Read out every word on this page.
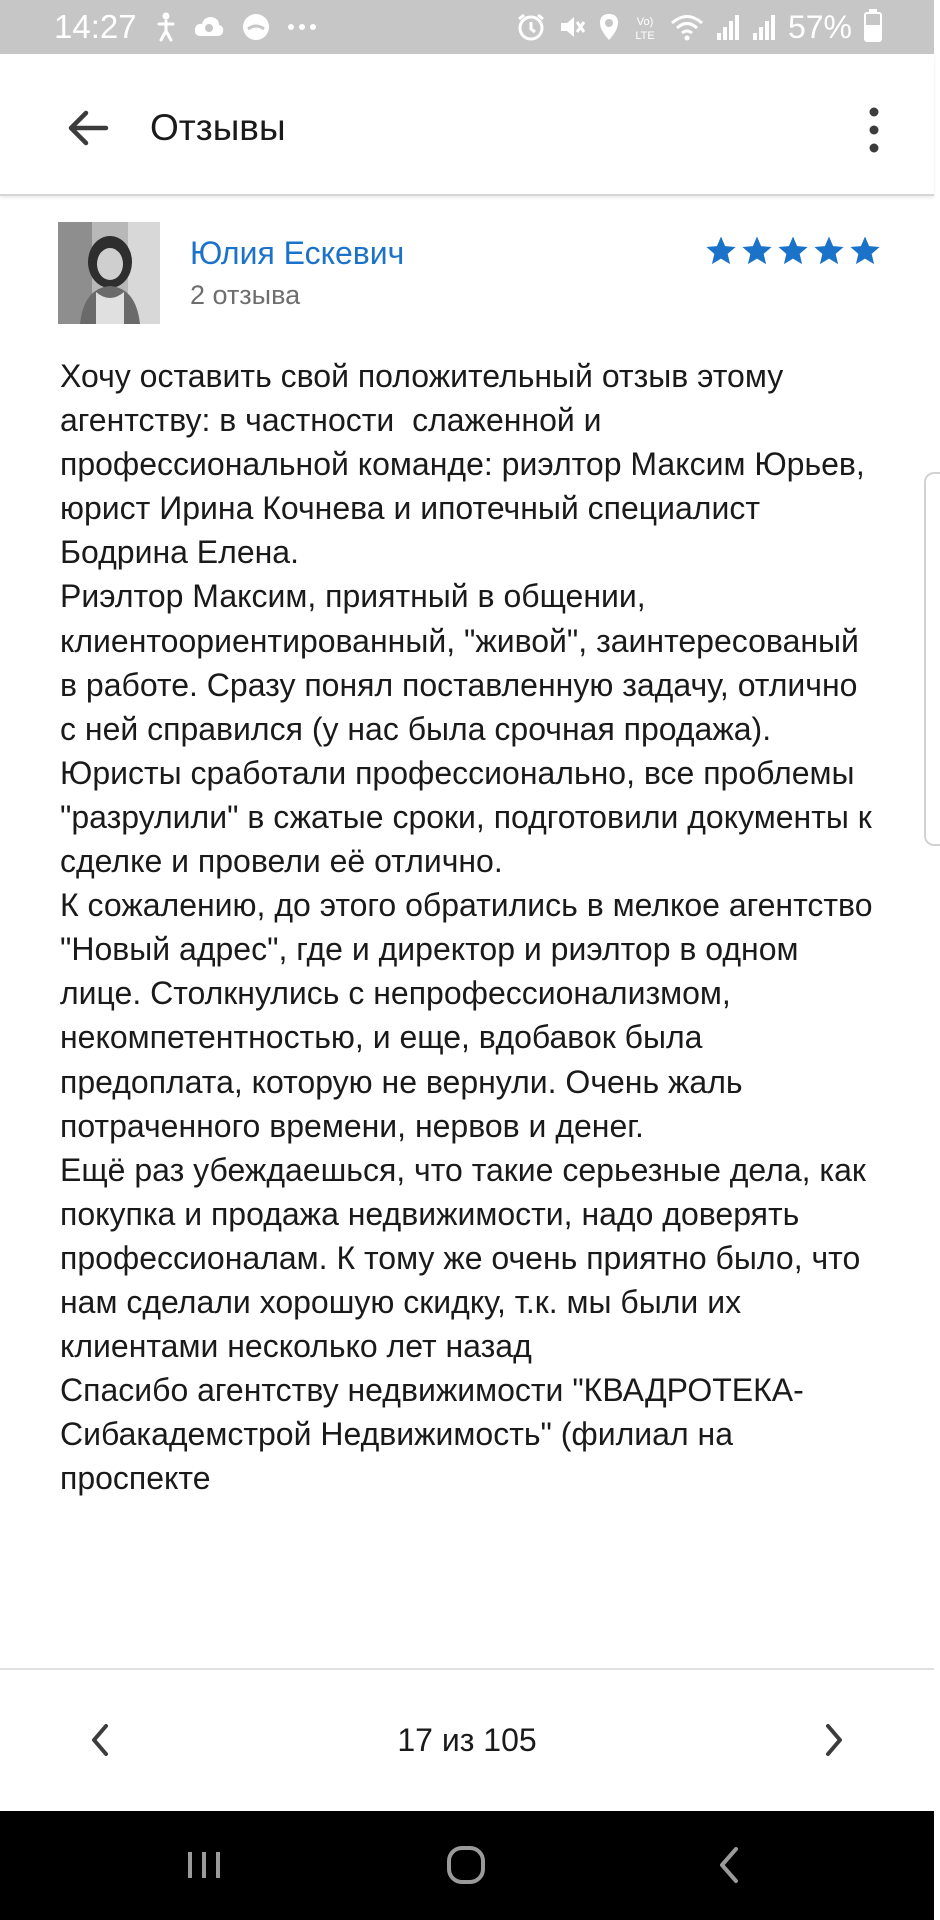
14:27	Vo)
LTE	57%
Отзывы
Юлия Ескевич
2 отзыва

Хочу оставить свой положительный отзыв этому агентству: в частности  слаженной и профессиональной команде: риэлтор Максим Юрьев, юрист Ирина Кочнева и ипотечный специалист Бодрина Елена.
Риэлтор Максим, приятный в общении, клиентоориентированный, "живой", заинтересованый в работе. Сразу понял поставленную задачу, отлично с ней справился (у нас была срочная продажа).
Юристы сработали профессионально, все проблемы "разрулили" в сжатые сроки, подготовили документы к сделке и провели её отлично.
К сожалению, до этого обратились в мелкое агентство "Новый адрес", где и директор и риэлтор в одном лице. Столкнулись с непрофессионализмом, некомпетентностью, и еще, вдобавок была предоплата, которую не вернули. Очень жаль потраченного времени, нервов и денег.
Ещё раз убеждаешься, что такие серьезные дела, как покупка и продажа недвижимости, надо доверять профессионалам. К тому же очень приятно было, что нам сделали хорошую скидку, т.к. мы были их клиентами несколько лет назад
Спасибо агентству недвижимости "КВАДРОТЕКА-Сибакадемстрой Недвижимость" (филиал на проспекте

17 из 105
